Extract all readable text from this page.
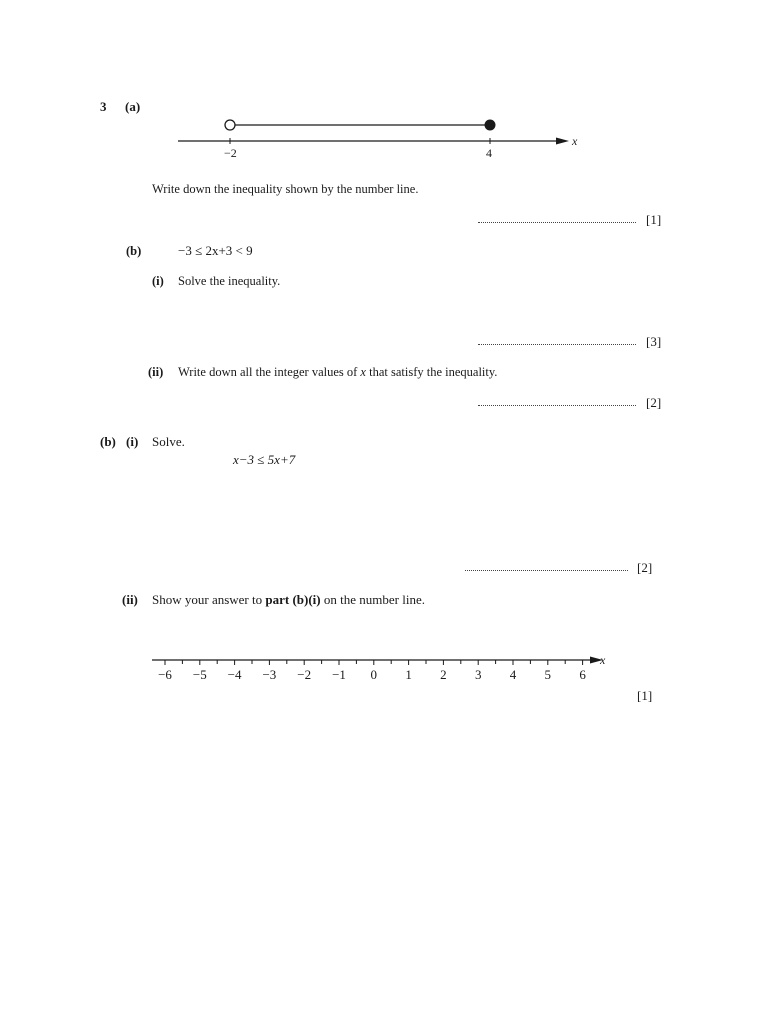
3 (a)
−2	4
x
Write down the inequality shown by the number line.
[1]
(b)	−3 ≤ 2x+3 < 9
(i) Solve the inequality.
[3]
(ii) Write down all the integer values of x that satisfy the inequality.
[2]
(b) (i) Solve.
x−3 ≤ 5x+7
[2]
(ii) Show your answer to part (b)(i) on the number line.
x
−6 −5 −4 −3 −2 −1 0 1 2 3 4 5 6
[1]
